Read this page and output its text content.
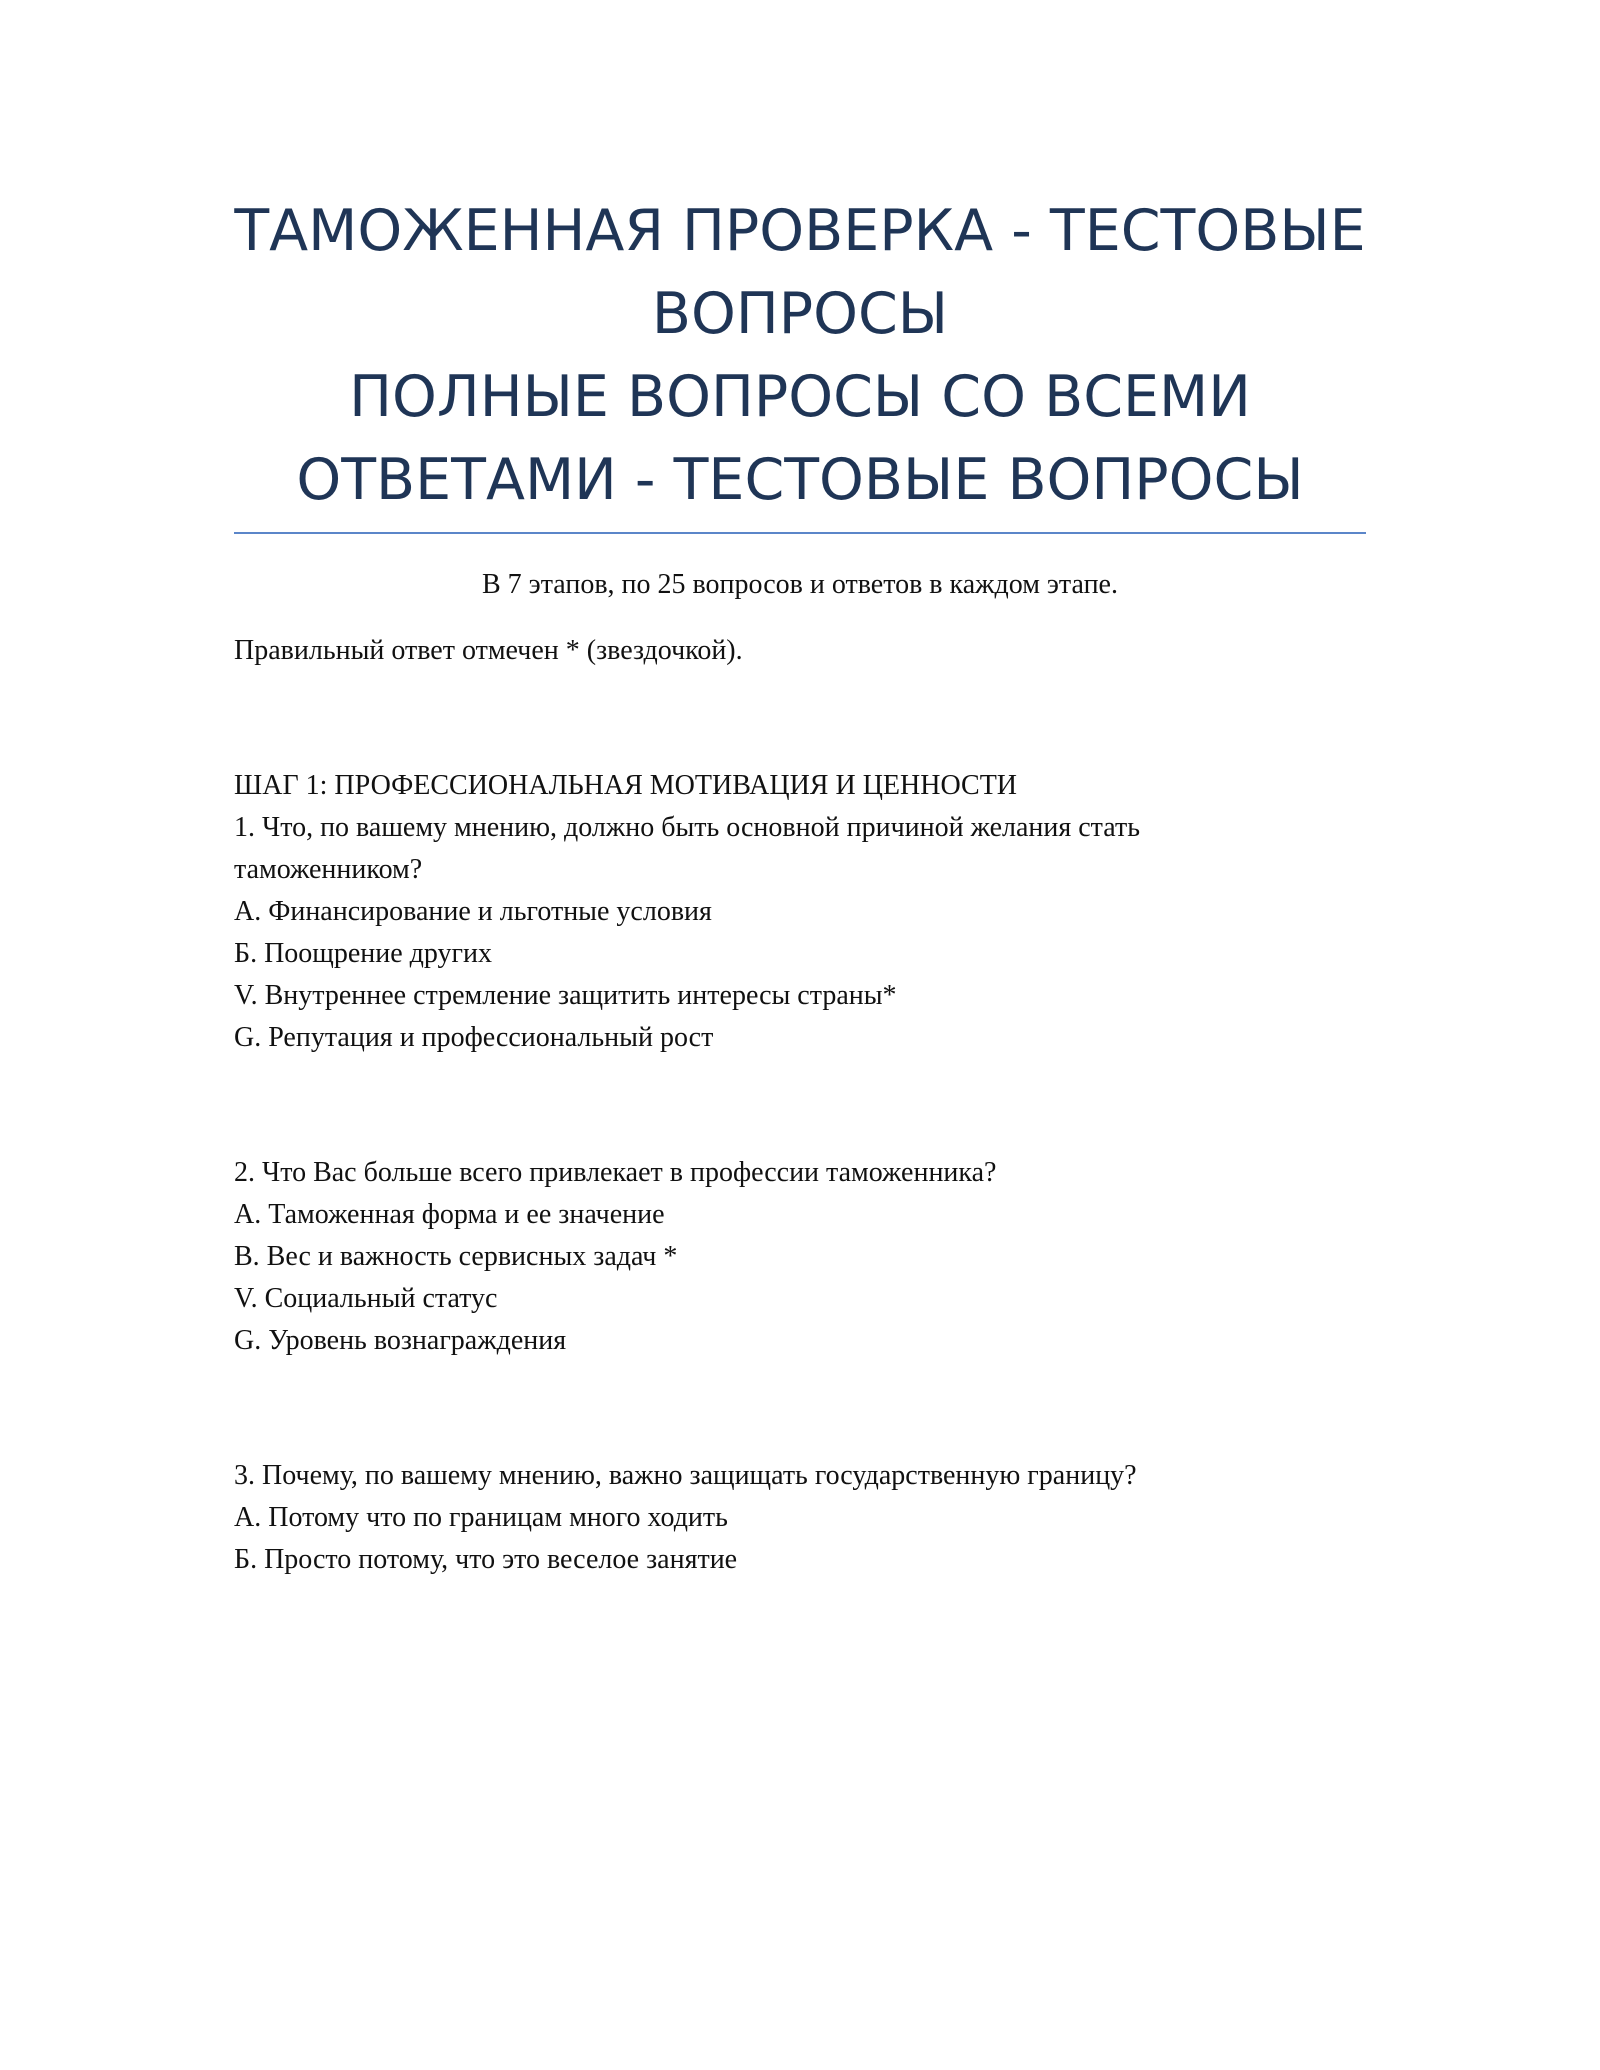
ТАМОЖЕННАЯ ПРОВЕРКА - ТЕСТОВЫЕ
ВОПРОСЫ
ПОЛНЫЕ ВОПРОСЫ СО ВСЕМИ
ОТВЕТАМИ - ТЕСТОВЫЕ ВОПРОСЫ

В 7 этапов, по 25 вопросов и ответов в каждом этапе.

Правильный ответ отмечен * (звездочкой).

ШАГ 1: ПРОФЕССИОНАЛЬНАЯ МОТИВАЦИЯ И ЦЕННОСТИ

1. Что, по вашему мнению, должно быть основной причиной желания стать
таможенником?

А. Финансирование и льготные условия

Б. Поощрение других

V. Внутреннее стремление защитить интересы страны*

G. Репутация и профессиональный рост

2. Что Вас больше всего привлекает в профессии таможенника?

А. Таможенная форма и ее значение

B. Вес и важность сервисных задач *

V. Социальный статус

G. Уровень вознаграждения

3. Почему, по вашему мнению, важно защищать государственную границу?

А. Потому что по границам много ходить

Б. Просто потому, что это веселое занятие
